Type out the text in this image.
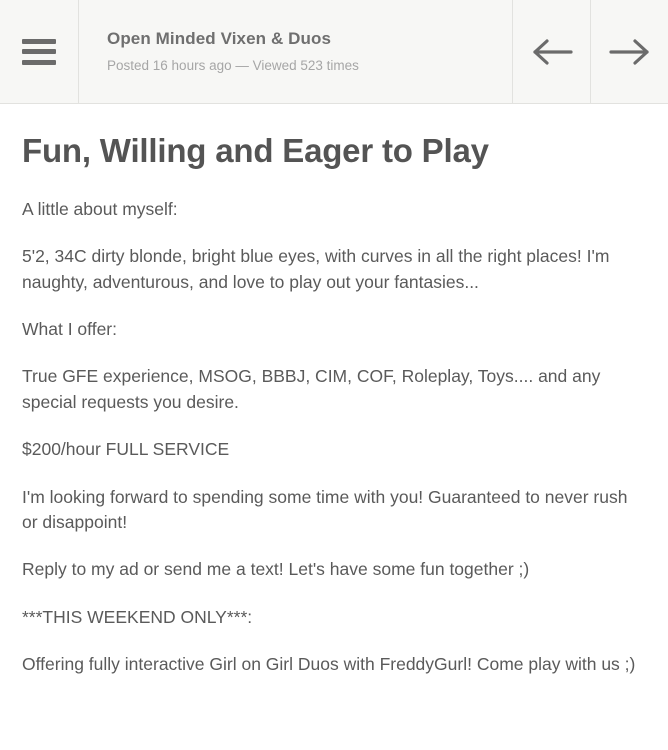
Open Minded Vixen & Duos
Posted 16 hours ago — Viewed 523 times
Fun, Willing and Eager to Play

A little about myself:

5'2, 34C dirty blonde, bright blue eyes, with curves in all the right places! I'm naughty, adventurous, and love to play out your fantasies...

What I offer:

True GFE experience, MSOG, BBBJ, CIM, COF, Roleplay, Toys.... and any special requests you desire.

$200/hour FULL SERVICE

I'm looking forward to spending some time with you! Guaranteed to never rush or disappoint!

Reply to my ad or send me a text! Let's have some fun together ;)

***THIS WEEKEND ONLY***:

Offering fully interactive Girl on Girl Duos with FreddyGurl! Come play with us ;)
